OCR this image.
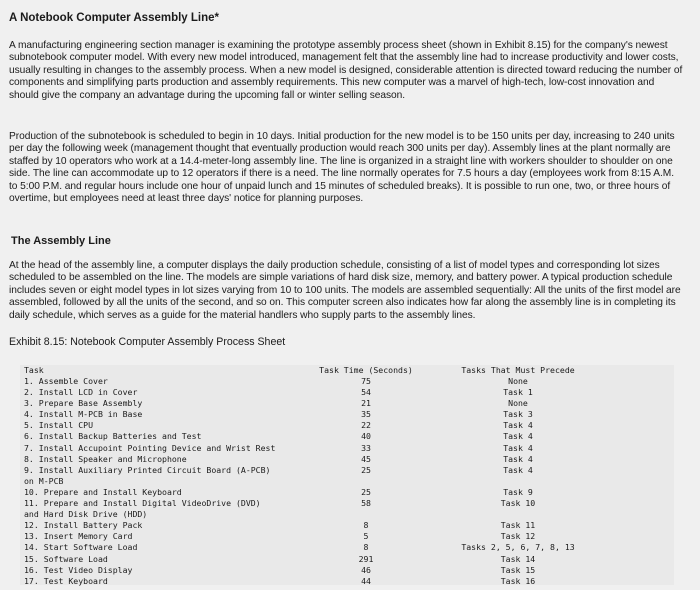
A Notebook Computer Assembly Line*
A manufacturing engineering section manager is examining the prototype assembly process sheet (shown in Exhibit 8.15) for the company's newest subnotebook computer model. With every new model introduced, management felt that the assembly line had to increase productivity and lower costs, usually resulting in changes to the assembly process. When a new model is designed, considerable attention is directed toward reducing the number of components and simplifying parts production and assembly requirements. This new computer was a marvel of high-tech, low-cost innovation and should give the company an advantage during the upcoming fall or winter selling season.
Production of the subnotebook is scheduled to begin in 10 days. Initial production for the new model is to be 150 units per day, increasing to 240 units per day the following week (management thought that eventually production would reach 300 units per day). Assembly lines at the plant normally are staffed by 10 operators who work at a 14.4-meter-long assembly line. The line is organized in a straight line with workers shoulder to shoulder on one side. The line can accommodate up to 12 operators if there is a need. The line normally operates for 7.5 hours a day (employees work from 8:15 A.M. to 5:00 P.M. and regular hours include one hour of unpaid lunch and 15 minutes of scheduled breaks). It is possible to run one, two, or three hours of overtime, but employees need at least three days' notice for planning purposes.
The Assembly Line
At the head of the assembly line, a computer displays the daily production schedule, consisting of a list of model types and corresponding lot sizes scheduled to be assembled on the line. The models are simple variations of hard disk size, memory, and battery power. A typical production schedule includes seven or eight model types in lot sizes varying from 10 to 100 units. The models are assembled sequentially: All the units of the first model are assembled, followed by all the units of the second, and so on. This computer screen also indicates how far along the assembly line is in completing its daily schedule, which serves as a guide for the material handlers who supply parts to the assembly lines.
Exhibit 8.15: Notebook Computer Assembly Process Sheet
Task
1. Assemble Cover
2. Install LCD in Cover
3. Prepare Base Assembly
4. Install M-PCB in Base
5. Install CPU
6. Install Backup Batteries and Test
7. Install Accupoint Pointing Device and Wrist Rest
8. Install Speaker and Microphone
9. Install Auxiliary Printed Circuit Board (A-PCB)
on M-PCB
10. Prepare and Install Keyboard
11. Prepare and Install Digital VideoDrive (DVD)
and Hard Disk Drive (HDD)
12. Install Battery Pack
13. Insert Memory Card
14. Start Software Load
15. Software Load
16. Test Video Display
17. Test Keyboard
Task Time (Seconds)
75
54
21
35
22
40
33
45
25
25
58
8
5
8
291
46
44
Tasks That Must Precede
None
Task 1
None
Task 3
Task 4
Task 4
Task 4
Task 4
Task 4
Task 9
Task 10
Task 11
Task 12
Tasks 2, 5, 6, 7, 8, 13
Task 14
Task 15
Task 16
